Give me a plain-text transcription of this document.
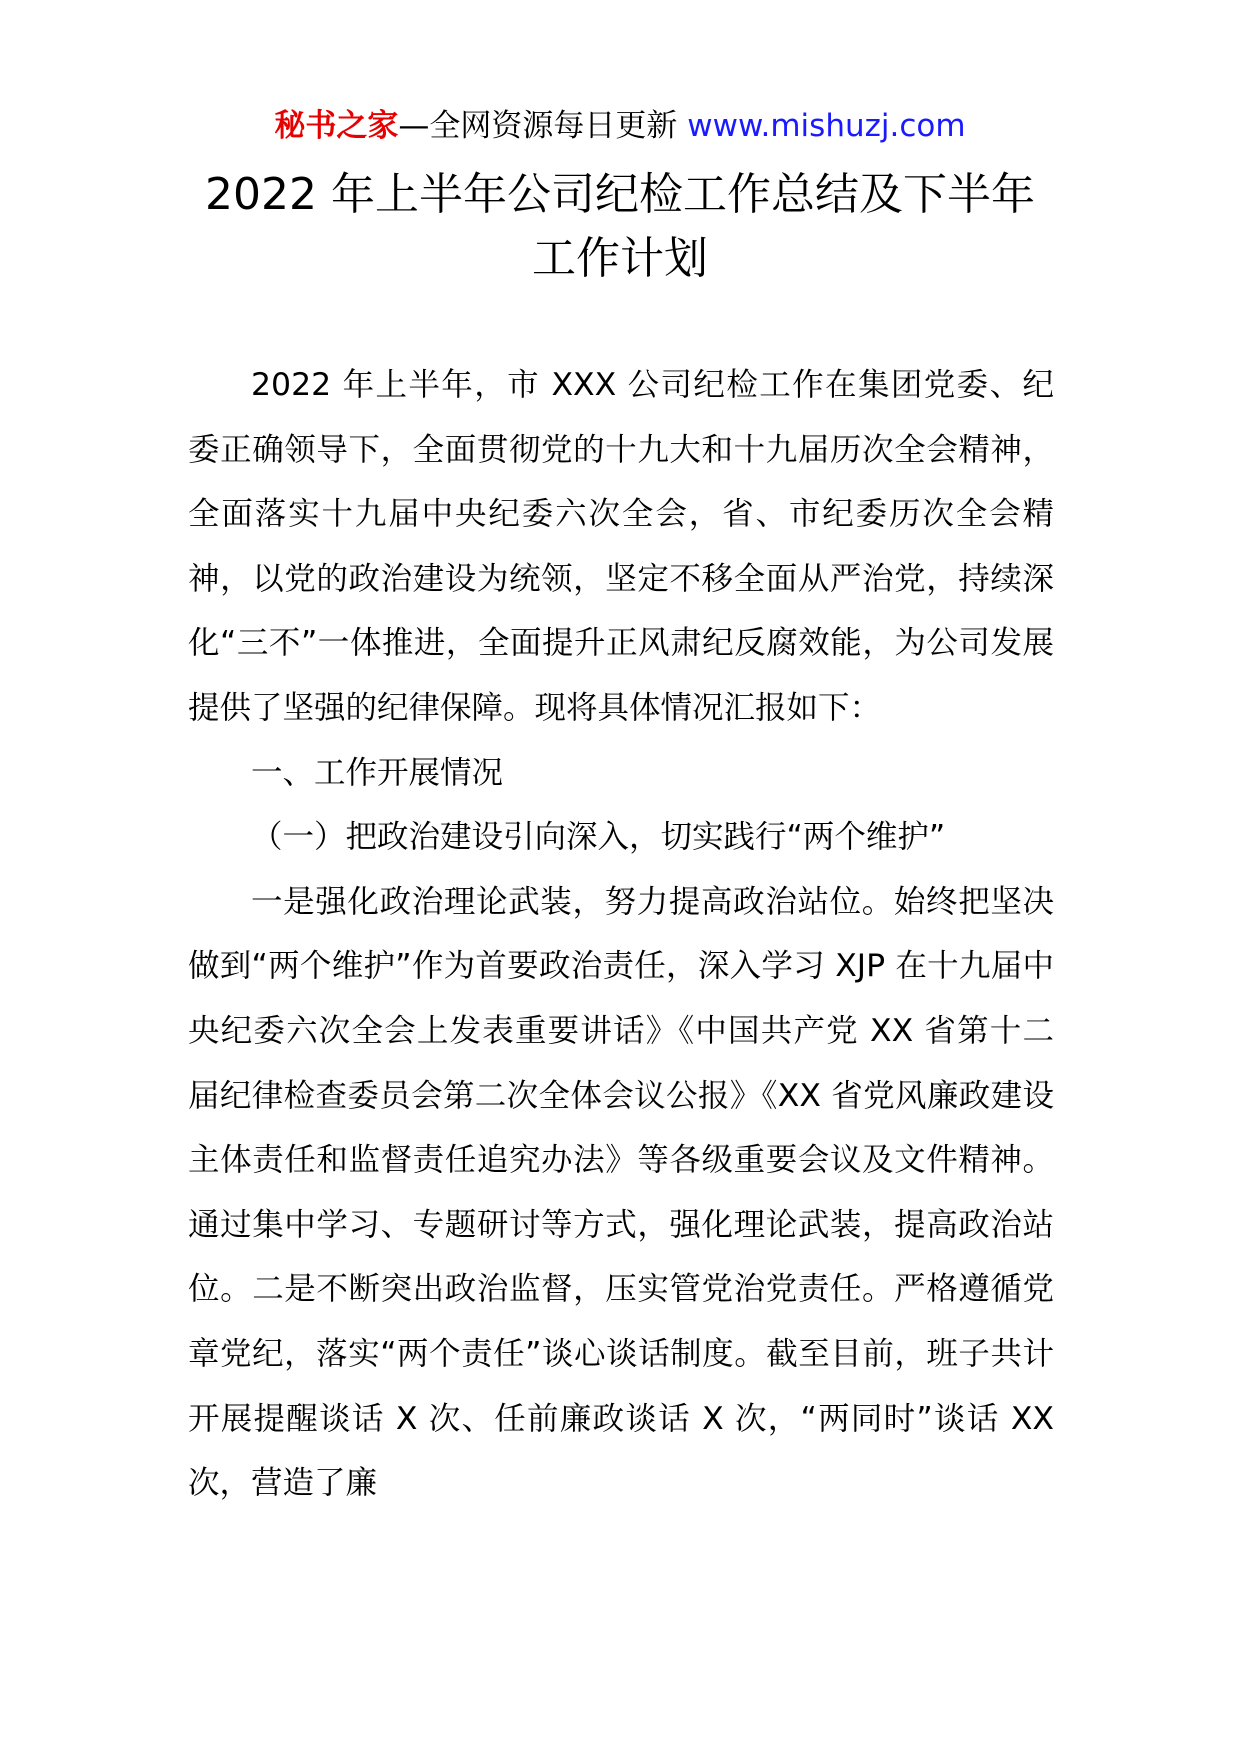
秘书之家—全网资源每日更新 www.mishuzj.com
2022 年上半年公司纪检工作总结及下半年
工作计划

2022 年上半年，市 XXX 公司纪检工作在集团党委、纪委正确领导下，全面贯彻党的十九大和十九届历次全会精神，全面落实十九届中央纪委六次全会，省、市纪委历次全会精神，以党的政治建设为统领，坚定不移全面从严治党，持续深化“三不”一体推进，全面提升正风肃纪反腐效能，为公司发展提供了坚强的纪律保障。现将具体情况汇报如下：

一、工作开展情况

（一）把政治建设引向深入，切实践行“两个维护”

一是强化政治理论武装，努力提高政治站位。始终把坚决做到“两个维护”作为首要政治责任，深入学习 XJP 在十九届中央纪委六次全会上发表重要讲话》《中国共产党 XX 省第十二届纪律检查委员会第二次全体会议公报》《XX 省党风廉政建设主体责任和监督责任追究办法》等各级重要会议及文件精神。通过集中学习、专题研讨等方式，强化理论武装，提高政治站位。二是不断突出政治监督，压实管党治党责任。严格遵循党章党纪，落实“两个责任”谈心谈话制度。截至目前，班子共计开展提醒谈话 X 次、任前廉政谈话 X 次，“两同时”谈话 XX 次，营造了廉
